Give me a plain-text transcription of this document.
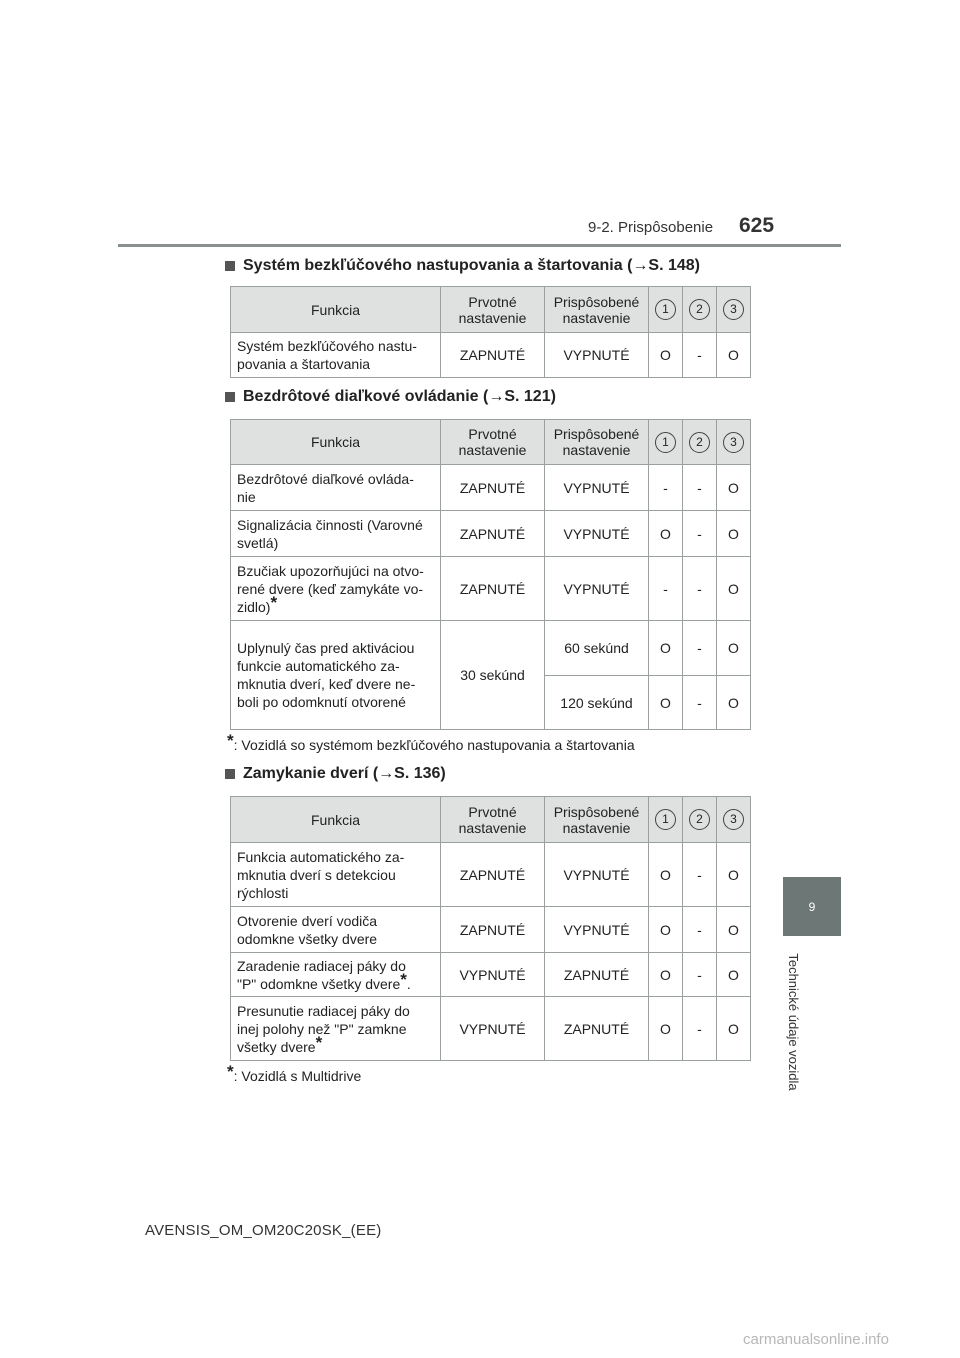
9-2. Prispôsobenie 625
9
Technické údaje vozidla
Systém bezkľúčového nastupovania a štartovania ( → S. 148)
Funkcia	Prvotné
nastavenie	Prispôsobené
nastavenie	1	2	3
Systém bezkľúčového nastu-
povania a štartovania	ZAPNUTÉ	VYPNUTÉ	O	-	O
Bezdrôtové diaľkové ovládanie ( → S. 121)
Funkcia	Prvotné
nastavenie	Prispôsobené
nastavenie	1	2	3
Bezdrôtové diaľkové ovláda-
nie	ZAPNUTÉ	VYPNUTÉ	-	-	O
Signalizácia činnosti (Varovné
svetlá)	ZAPNUTÉ	VYPNUTÉ	O	-	O
Bzučiak upozorňujúci na otvo-
rené dvere (keď zamykáte vo-
zidlo)*	ZAPNUTÉ	VYPNUTÉ	-	-	O
Uplynulý čas pred aktiváciou
funkcie automatického za-
mknutia dverí, keď dvere ne-
boli po odomknutí otvorené	30 sekúnd	60 sekúnd	O	-	O
		120 sekúnd	O	-	O
*: Vozidlá so systémom bezkľúčového nastupovania a štartovania
Zamykanie dverí ( → S. 136)
Funkcia	Prvotné
nastavenie	Prispôsobené
nastavenie	1	2	3
Funkcia automatického za-
mknutia dverí s detekciou
rýchlosti	ZAPNUTÉ	VYPNUTÉ	O	-	O
Otvorenie dverí vodiča
odomkne všetky dvere	ZAPNUTÉ	VYPNUTÉ	O	-	O
Zaradenie radiacej páky do
"P" odomkne všetky dvere*.	VYPNUTÉ	ZAPNUTÉ	O	-	O
Presunutie radiacej páky do
inej polohy než "P" zamkne
všetky dvere*	VYPNUTÉ	ZAPNUTÉ	O	-	O
*: Vozidlá s Multidrive
AVENSIS_OM_OM20C20SK_(EE)
carmanualsonline.info
